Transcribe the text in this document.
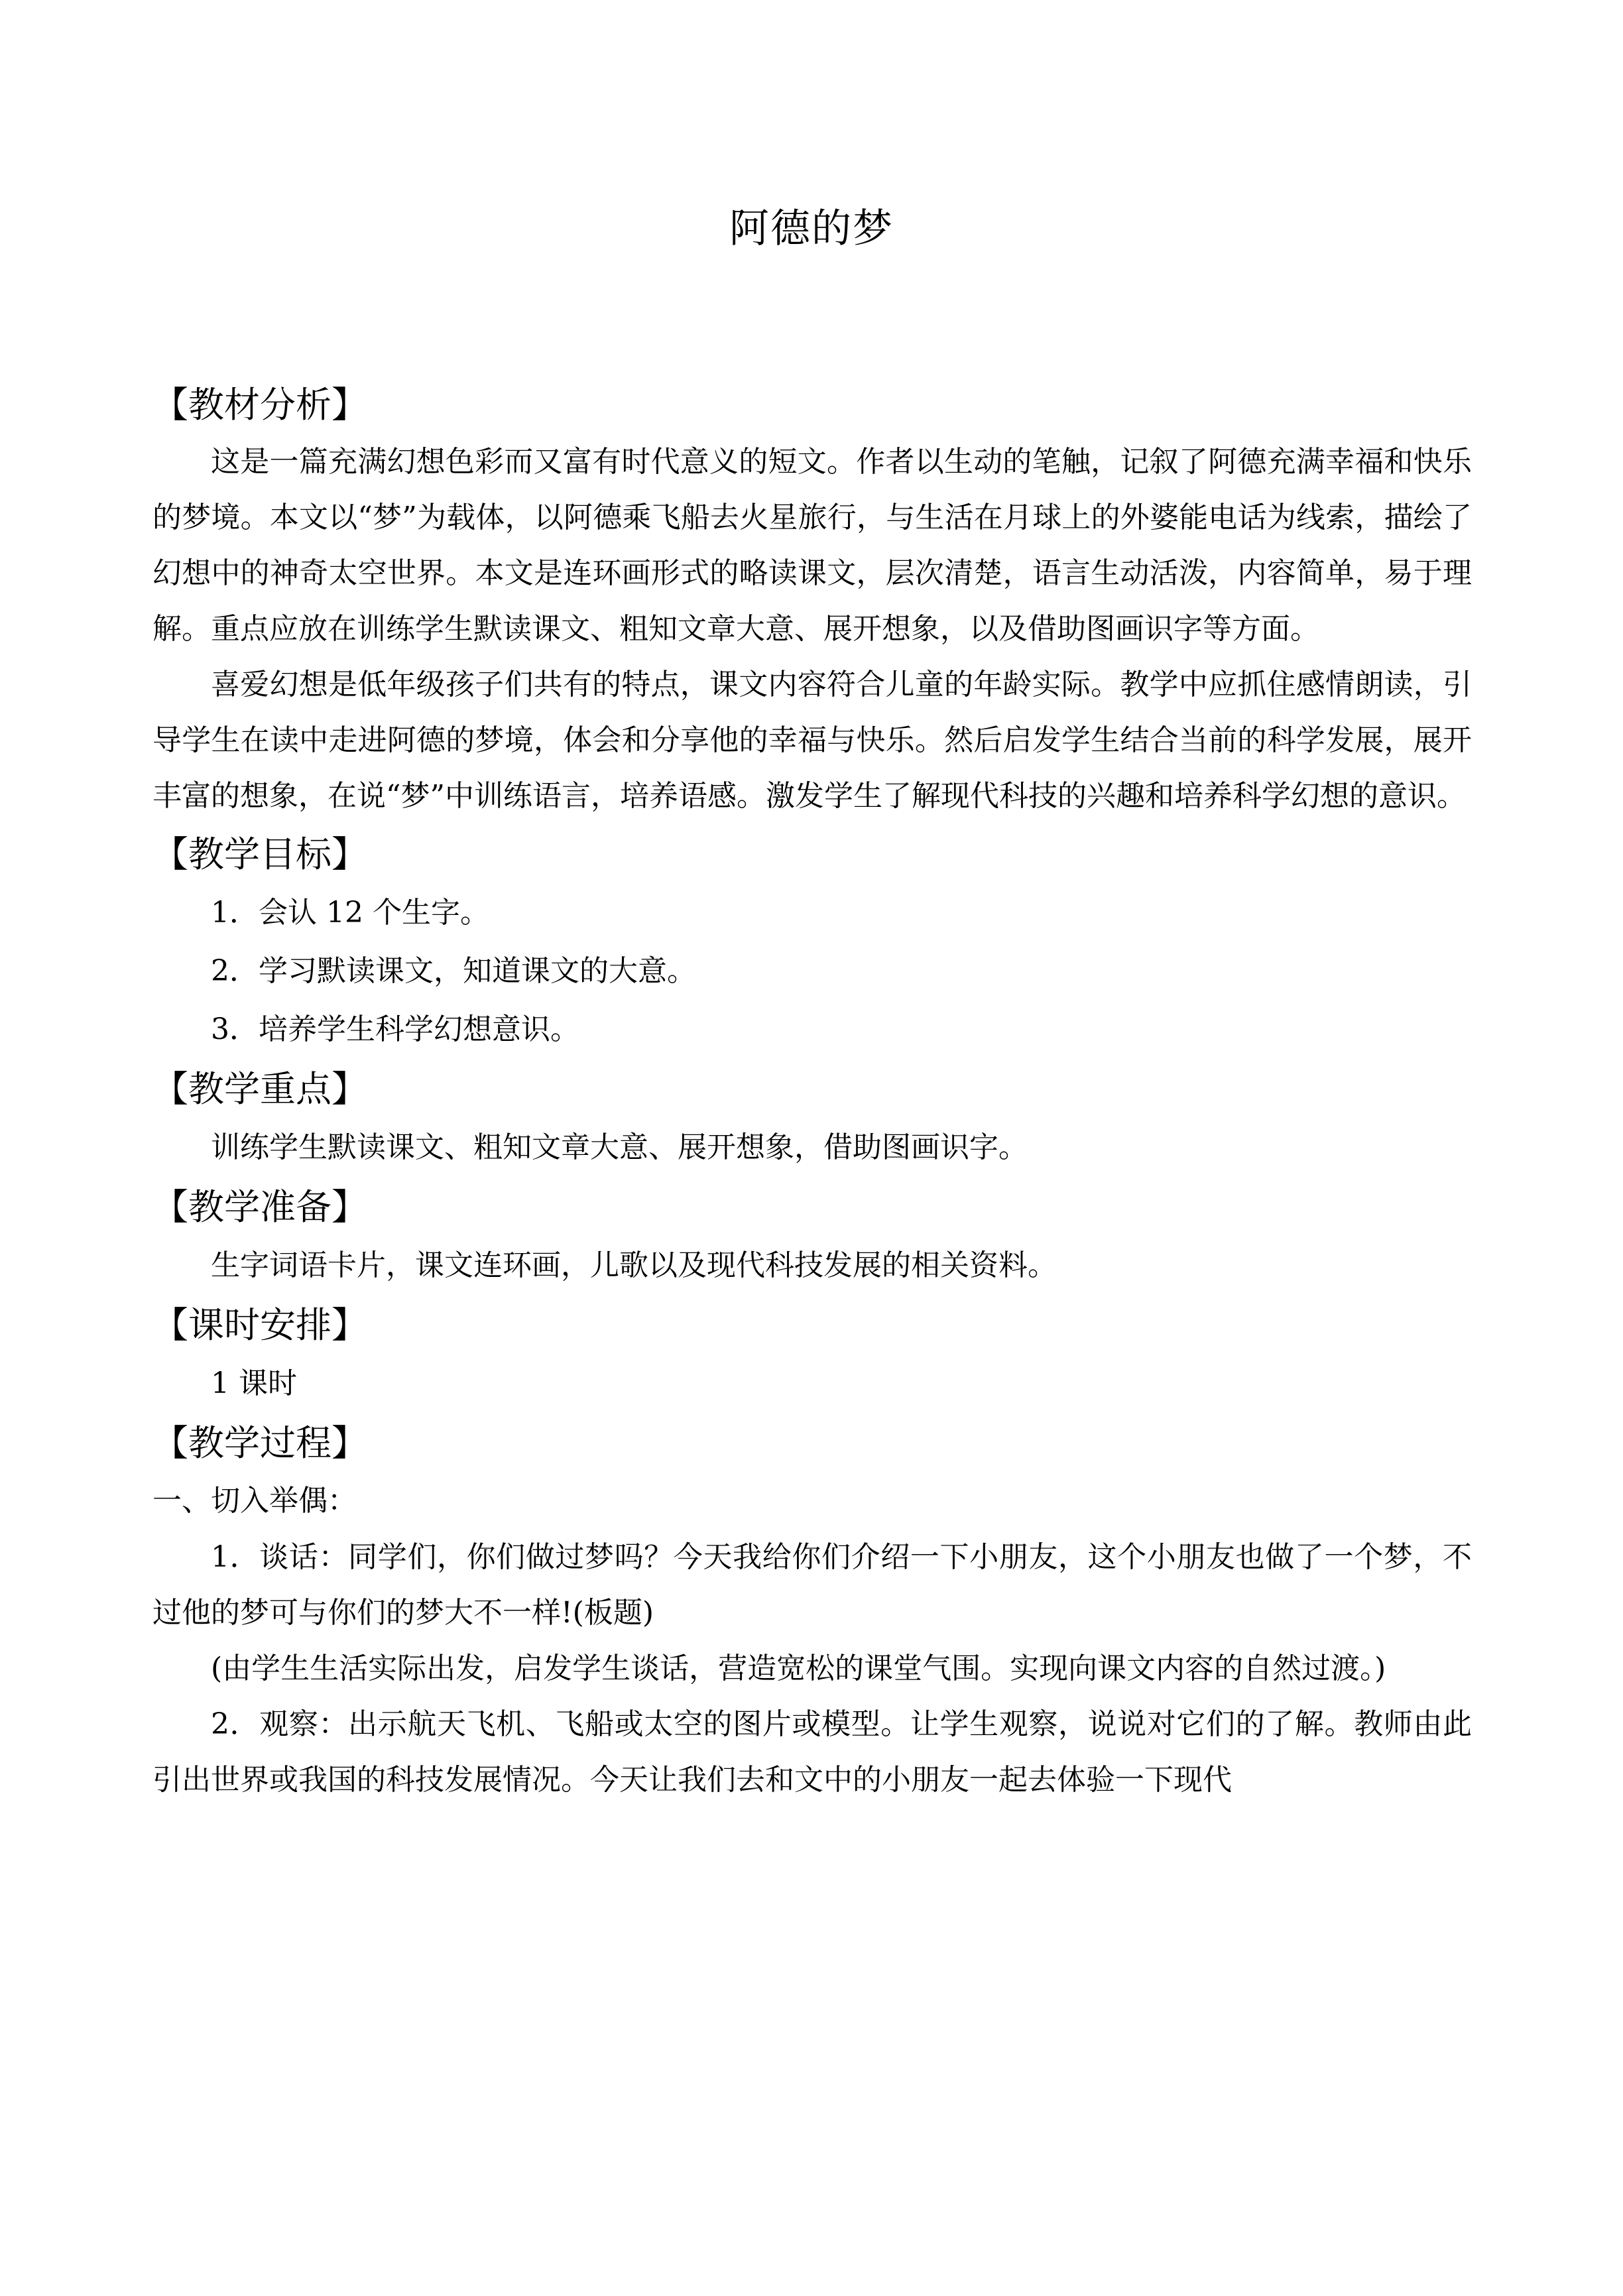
阿德的梦
【教材分析】

这是一篇充满幻想色彩而又富有时代意义的短文。作者以生动的笔触，记叙了阿德充满幸福和快乐的梦境。本文以“梦”为载体，以阿德乘飞船去火星旅行，与生活在月球上的外婆能电话为线索，描绘了幻想中的神奇太空世界。本文是连环画形式的略读课文，层次清楚，语言生动活泼，内容简单，易于理解。重点应放在训练学生默读课文、粗知文章大意、展开想象，以及借助图画识字等方面。

喜爱幻想是低年级孩子们共有的特点，课文内容符合儿童的年龄实际。教学中应抓住感情朗读，引导学生在读中走进阿德的梦境，体会和分享他的幸福与快乐。然后启发学生结合当前的科学发展，展开丰富的想象，在说“梦”中训练语言，培养语感。激发学生了解现代科技的兴趣和培养科学幻想的意识。

【教学目标】

1．会认 12 个生字。

2．学习默读课文，知道课文的大意。

3．培养学生科学幻想意识。

【教学重点】

训练学生默读课文、粗知文章大意、展开想象，借助图画识字。

【教学准备】

生字词语卡片，课文连环画，儿歌以及现代科技发展的相关资料。

【课时安排】

1 课时

【教学过程】

一、切入举偶：

1．谈话：同学们，你们做过梦吗？今天我给你们介绍一下小朋友，这个小朋友也做了一个梦，不过他的梦可与你们的梦大不一样!(板题)

(由学生生活实际出发，启发学生谈话，营造宽松的课堂气围。实现向课文内容的自然过渡。)

2．观察：出示航天飞机、飞船或太空的图片或模型。让学生观察，说说对它们的了解。教师由此引出世界或我国的科技发展情况。今天让我们去和文中的小朋友一起去体验一下现代
